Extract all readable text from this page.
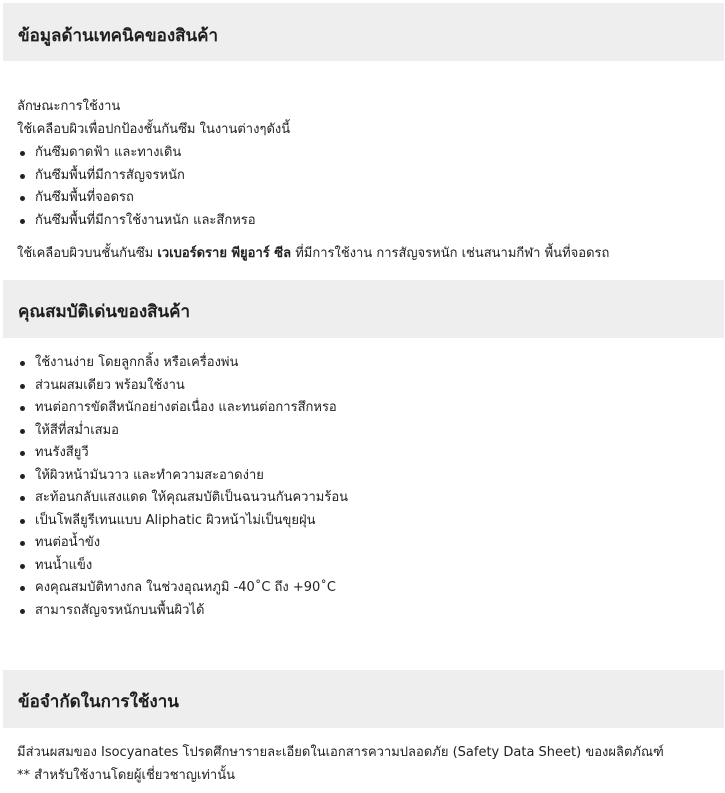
ข้อมูลด้านเทคนิคของสินค้า

ลักษณะการใช้งาน

ใช้เคลือบผิวเพื่อปกป้องชั้นกันซึม ในงานต่างๆดังนี้

กันซึมดาดฟ้า และทางเดิน
กันซึมพื้นที่มีการสัญจรหนัก
กันซึมพื้นที่จอดรถ
กันซึมพื้นที่มีการใช้งานหนัก และสึกหรอ

ใช้เคลือบผิวบนชั้นกันซึม เวเบอร์ดราย พียูอาร์ ซีล ที่มีการใช้งาน การสัญจรหนัก เช่นสนามกีฬา พื้นที่จอดรถ

คุณสมบัติเด่นของสินค้า
ใช้งานง่าย โดยลูกกลิ้ง หรือเครื่องพ่น
ส่วนผสมเดียว พร้อมใช้งาน
ทนต่อการขัดสีหนักอย่างต่อเนื่อง และทนต่อการสึกหรอ
ให้สีที่สม่ำเสมอ
ทนรังสียูวี
ให้ผิวหน้ามันวาว และทำความสะอาดง่าย
สะท้อนกลับแสงแดด ให้คุณสมบัติเป็นฉนวนกันความร้อน
เป็นโพลียูรีเทนแบบ Aliphatic ผิวหน้าไม่เป็นขุยฝุ่น
ทนต่อน้ำขัง
ทนน้ำแข็ง
คงคุณสมบัติทางกล ในช่วงอุณหภูมิ -40˚C ถึง +90˚C
สามารถสัญจรหนักบนพื้นผิวได้
ข้อจำกัดในการใช้งาน

มีส่วนผสมของ Isocyanates โปรดศึกษารายละเอียดในเอกสารความปลอดภัย (Safety Data Sheet) ของผลิตภัณฑ์

** สำหรับใช้งานโดยผู้เชี่ยวชาญเท่านั้น
